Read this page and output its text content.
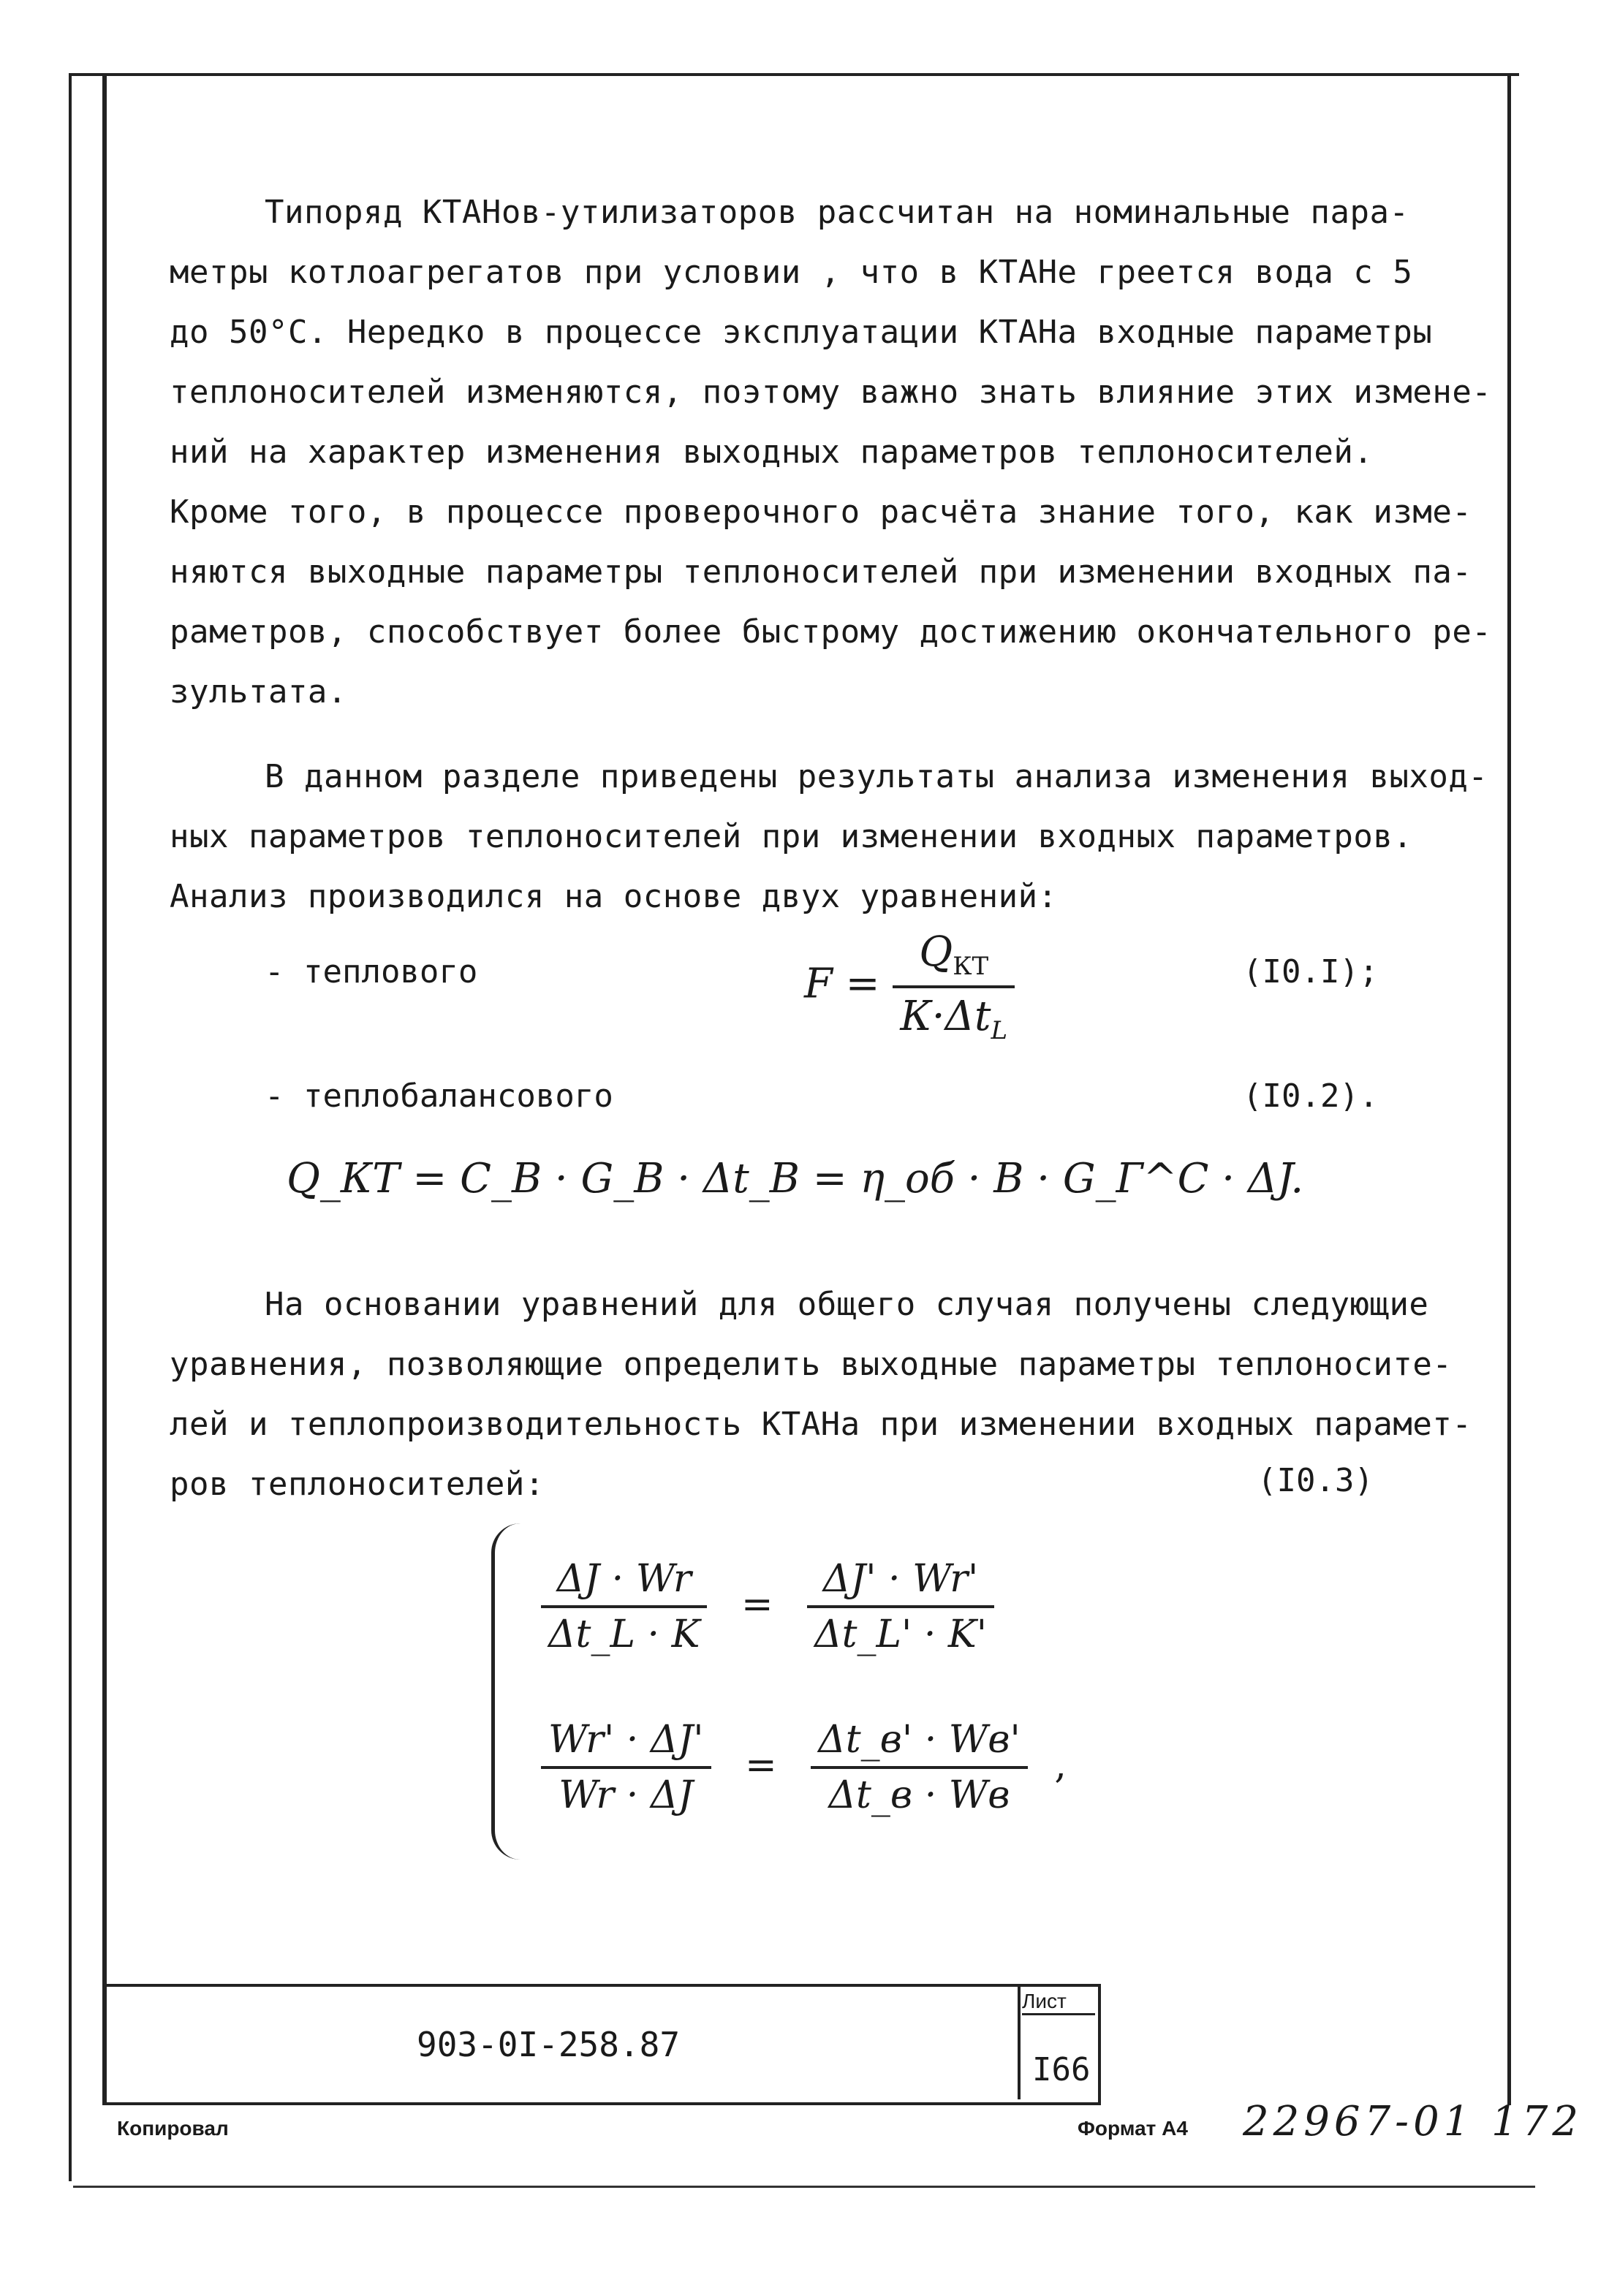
Типоряд КТАНов-утилизаторов рассчитан на номинальные пара-
метры котлоагрегатов при условии , что в КТАНе греется вода с 5
до 50°С. Нередко в процессе эксплуатации КТАНа входные параметры
теплоносителей изменяются, поэтому важно знать влияние этих измене-
ний на характер изменения выходных параметров теплоносителей.
Кроме того, в процессе проверочного расчёта знание того, как изме-
няются выходные параметры теплоносителей при изменении входных па-
раметров, способствует более быстрому достижению окончательного ре-
зультата.
В данном разделе приведены результаты анализа изменения выход-
ных параметров теплоносителей при изменении входных параметров.
Анализ производился на основе двух уравнений:
- теплового	$F = \frac{Q_{КТ}}{К\cdot\Delta t_L}$	(I0.I);
- теплобалансового	(I0.2).
Q_КТ = C_В · G_В · Δt_В = η_об · В · G_Г^С · ΔJ.
На основании уравнений для общего случая получены следующие
уравнения, позволяющие определить выходные параметры теплоносите-
лей и теплопроизводительность КТАНа при изменении входных парамет-
ров теплоносителей:	(I0.3)
$\frac{\Delta J \cdot Wr}{\Delta t\_L \cdot K} = \frac{\Delta J' \cdot Wr'}{\Delta t\_L' \cdot K'}$
$\frac{Wr' \cdot \Delta J'}{Wr \cdot \Delta J} = \frac{\Delta t\_в' \cdot Wв'}{\Delta t\_в \cdot Wв}$ ,
903-0I-258.87
Лист
I66
Копировал	Формат А4 22967-01 172
